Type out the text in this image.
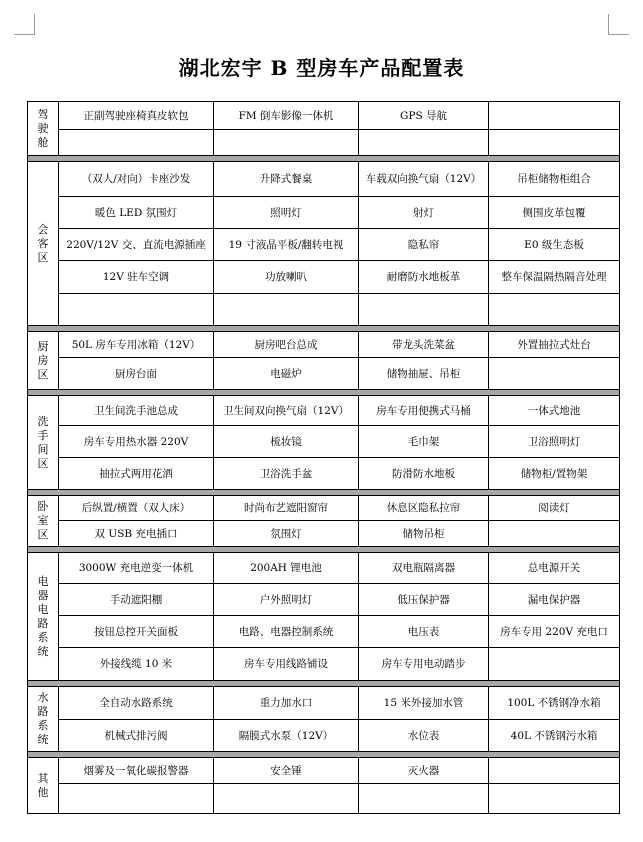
湖北宏宇 B 型房车产品配置表
驾驶舱	正副驾驶座椅真皮软包	FM 倒车影像一体机	GPS 导航	

会客区	（双人/对向）卡座沙发	升降式餐桌	车载双向换气扇（12V）	吊柜储物柜组合
	暖色 LED 氛围灯	照明灯	射灯	侧围皮革包覆
	220V/12V 交、直流电源插座	19 寸液晶平板/翻转电视	隐私帘	E0 级生态板
	12V 驻车空调	功放喇叭	耐磨防水地板革	整车保温隔热隔音处理

厨房区	50L 房车专用冰箱（12V）	厨房吧台总成	带龙头洗菜盆	外置抽拉式灶台
	厨房台面	电磁炉	储物抽屉、吊柜	

洗手间区	卫生间洗手池总成	卫生间双向换气扇（12V）	房车专用便携式马桶	一体式地池
	房车专用热水器 220V	梳妆镜	毛巾架	卫浴照明灯
	抽拉式两用花洒	卫浴洗手盆	防滑防水地板	储物柜/置物架

卧室区	后纵置/横置（双人床）	时尚布艺遮阳窗帘	休息区隐私拉帘	阅读灯
	双 USB 充电插口	氛围灯	储物吊柜	

电器电路系统	3000W 充电逆变一体机	200AH 锂电池	双电瓶隔离器	总电源开关
	手动遮阳棚	户外照明灯	低压保护器	漏电保护器
	按钮总控开关面板	电路、电器控制系统	电压表	房车专用 220V 充电口
	外接线缆 10 米	房车专用线路铺设	房车专用电动踏步	

水路系统	全自动水路系统	重力加水口	15 米外接加水管	100L 不锈钢净水箱
	机械式排污阀	隔膜式水泵（12V）	水位表	40L 不锈钢污水箱

其他	烟雾及一氧化碳报警器	安全锤	灭火器	
